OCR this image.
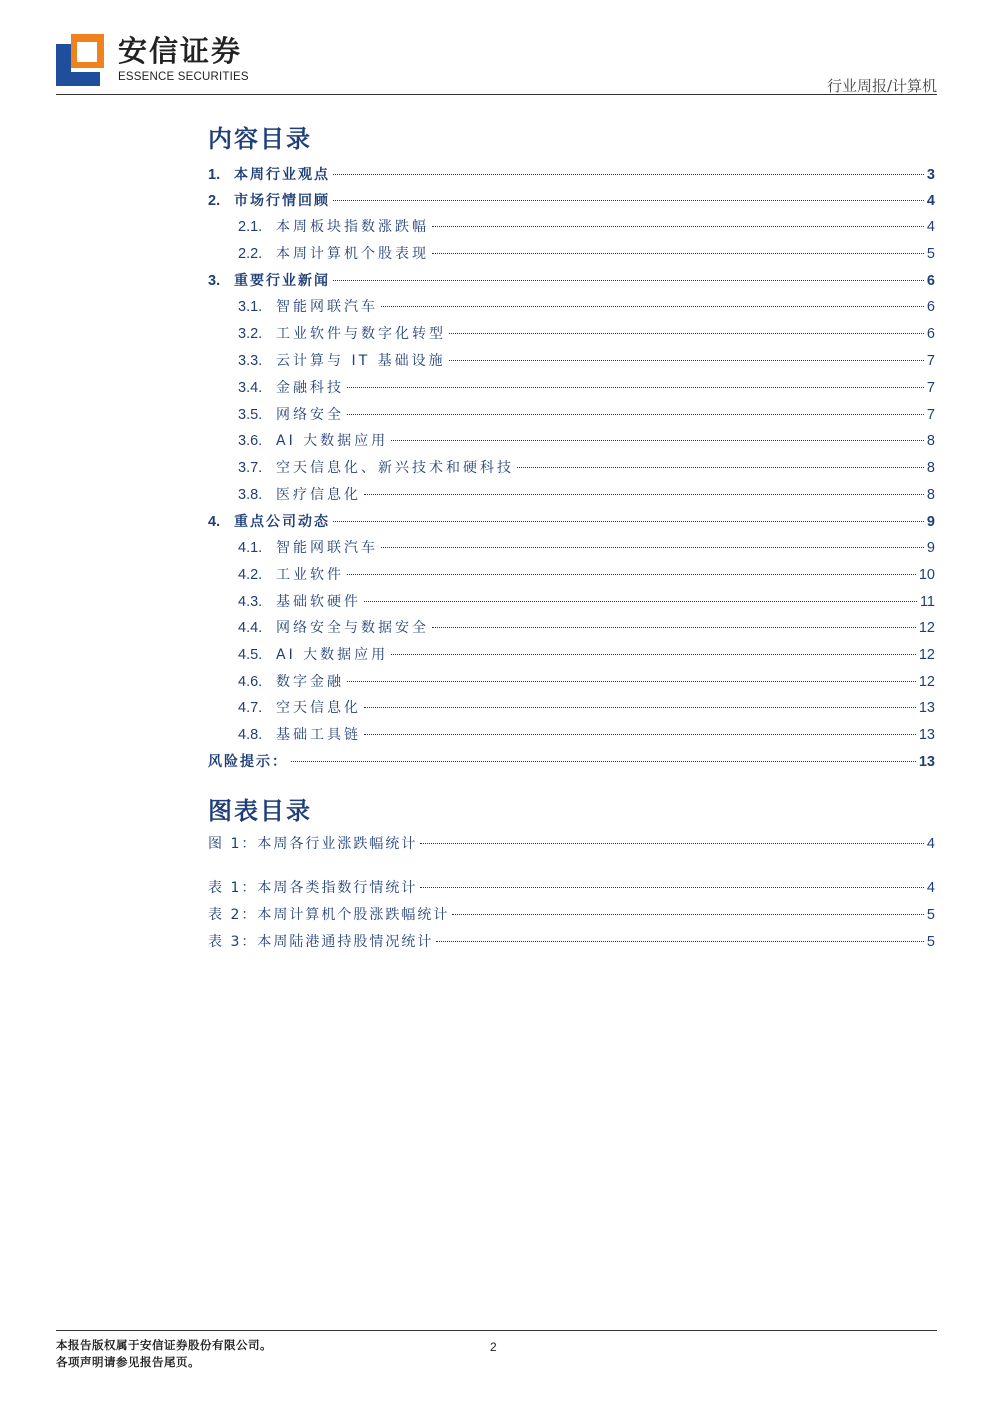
安信证券
ESSENCE SECURITIES	行业周报/计算机
内容目录
1. 本周行业观点	3
2. 市场行情回顾	4
2.1. 本周板块指数涨跌幅	4
2.2. 本周计算机个股表现	5
3. 重要行业新闻	6
3.1. 智能网联汽车	6
3.2. 工业软件与数字化转型	6
3.3. 云计算与 IT 基础设施	7
3.4. 金融科技	7
3.5. 网络安全	7
3.6. AI 大数据应用	8
3.7. 空天信息化、新兴技术和硬科技	8
3.8. 医疗信息化	8
4. 重点公司动态	9
4.1. 智能网联汽车	9
4.2. 工业软件	10
4.3. 基础软硬件	11
4.4. 网络安全与数据安全	12
4.5. AI 大数据应用	12
4.6. 数字金融	12
4.7. 空天信息化	13
4.8. 基础工具链	13
风险提示：	13
图表目录
图 1：本周各行业涨跌幅统计	4
表 1：本周各类指数行情统计	4
表 2：本周计算机个股涨跌幅统计	5
表 3：本周陆港通持股情况统计	5
本报告版权属于安信证券股份有限公司。
各项声明请参见报告尾页。
2
